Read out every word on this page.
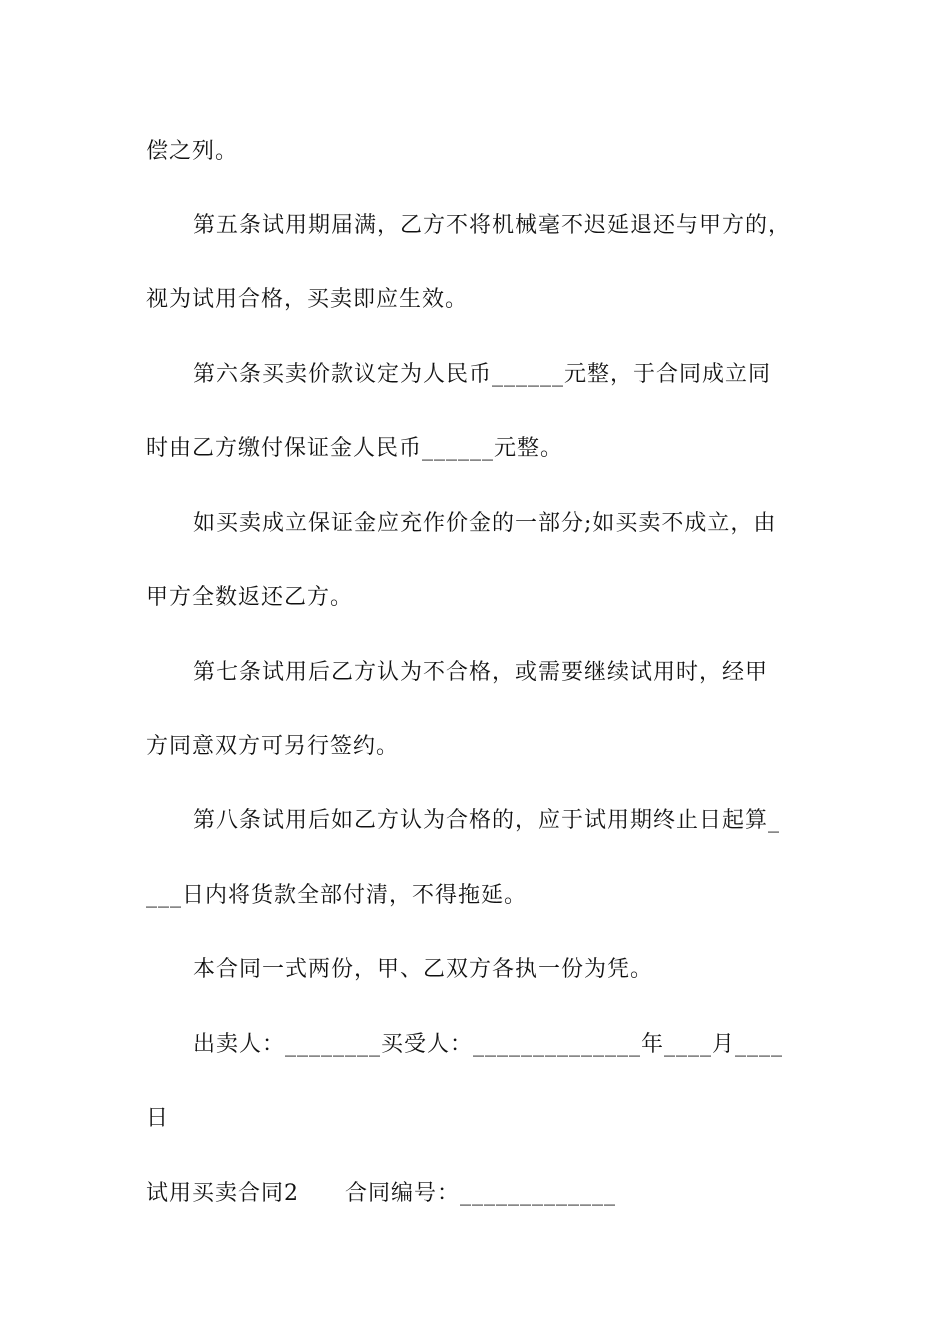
偿之列。
第五条试用期届满，乙方不将机械毫不迟延退还与甲方的，
视为试用合格，买卖即应生效。
第六条买卖价款议定为人民币______元整，于合同成立同
时由乙方缴付保证金人民币______元整。
如买卖成立保证金应充作价金的一部分;如买卖不成立，由
甲方全数返还乙方。
第七条试用后乙方认为不合格，或需要继续试用时，经甲
方同意双方可另行签约。
第八条试用后如乙方认为合格的，应于试用期终止日起算_
___日内将货款全部付清，不得拖延。
本合同一式两份，甲、乙双方各执一份为凭。
出卖人：________买受人：______________年____月____
日
试用买卖合同2　　合同编号：_____________
